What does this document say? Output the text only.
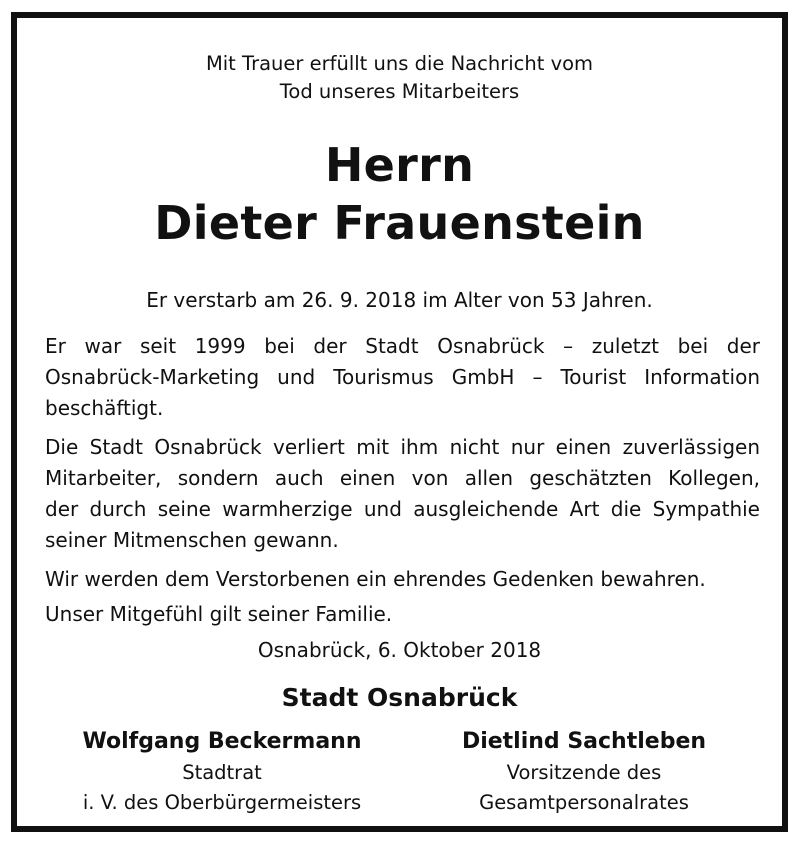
Mit Trauer erfüllt uns die Nachricht vom
Tod unseres Mitarbeiters
Herrn
Dieter Frauenstein
Er verstarb am 26. 9. 2018 im Alter von 53 Jahren.
Er war seit 1999 bei der Stadt Osnabrück – zuletzt bei der
Osnabrück-Marketing und Tourismus GmbH – Tourist Information
beschäftigt.
Die Stadt Osnabrück verliert mit ihm nicht nur einen zuverlässigen
Mitarbeiter, sondern auch einen von allen geschätzten Kollegen,
der durch seine warmherzige und ausgleichende Art die Sympathie
seiner Mitmenschen gewann.
Wir werden dem Verstorbenen ein ehrendes Gedenken bewahren.
Unser Mitgefühl gilt seiner Familie.
Osnabrück, 6. Oktober 2018
Stadt Osnabrück
Wolfgang Beckermann
Stadtrat
i. V. des Oberbürgermeisters
Dietlind Sachtleben
Vorsitzende des
Gesamtpersonalrates
